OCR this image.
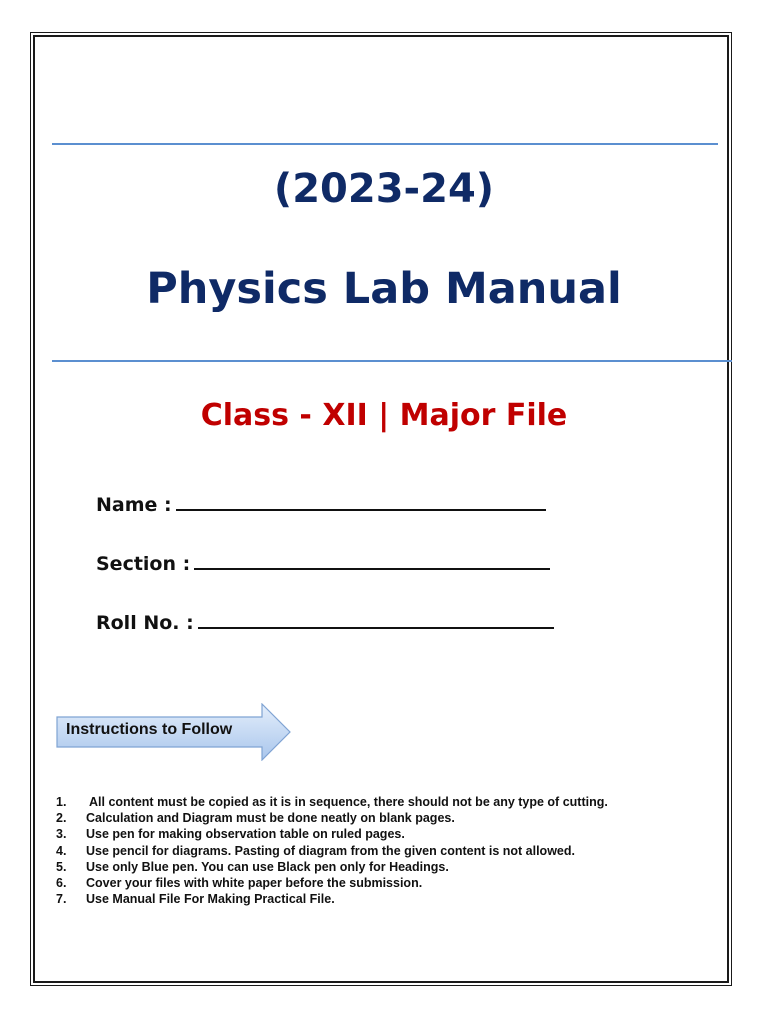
(2023-24)
Physics Lab Manual
Class - XII | Major File
Name :
Section :
Roll No. :
Instructions to Follow
1. All content must be copied as it is in sequence, there should not be any type of cutting.
2. Calculation and Diagram must be done neatly on blank pages.
3. Use pen for making observation table on ruled pages.
4. Use pencil for diagrams. Pasting of diagram from the given content is not allowed.
5. Use only Blue pen. You can use Black pen only for Headings.
6. Cover your files with white paper before the submission.
7. Use Manual File For Making Practical File.
